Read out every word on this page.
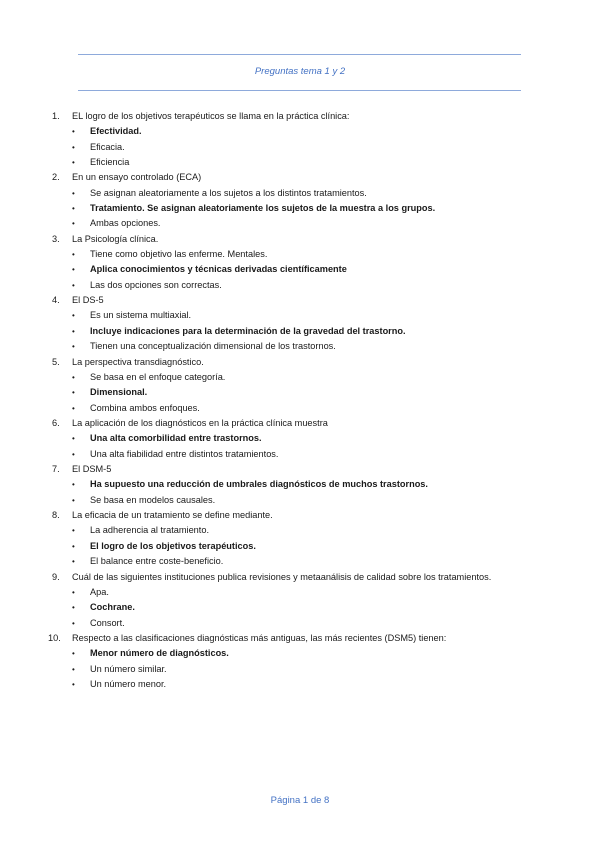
Preguntas tema 1 y 2
1.	EL logro de los objetivos terapéuticos se llama en la práctica clínica:
• Efectividad.
• Eficacia.
• Eficiencia
2.	En un ensayo controlado (ECA)
• Se asignan aleatoriamente a los sujetos a los distintos tratamientos.
• Tratamiento. Se asignan aleatoriamente los sujetos de la muestra a los grupos.
• Ambas opciones.
3.	La Psicología clínica.
• Tiene como objetivo las enferme. Mentales.
• Aplica conocimientos y técnicas derivadas científicamente
• Las dos opciones son correctas.
4.	El DS-5
• Es un sistema multiaxial.
• Incluye indicaciones para la determinación de la gravedad del trastorno.
• Tienen una conceptualización dimensional de los trastornos.
5.	La perspectiva transdiagnóstico.
• Se basa en el enfoque categoría.
• Dimensional.
• Combina ambos enfoques.
6.	La aplicación de los diagnósticos en la práctica clínica muestra
• Una alta comorbilidad entre trastornos.
• Una alta fiabilidad entre distintos tratamientos.
7.	El DSM-5
• Ha supuesto una reducción de umbrales diagnósticos de muchos trastornos.
• Se basa en modelos causales.
8.	La eficacia de un tratamiento se define mediante.
• La adherencia al tratamiento.
• El logro de los objetivos terapéuticos.
• El balance entre coste-beneficio.
9.	Cuál de las siguientes instituciones publica revisiones y metaanálisis de calidad sobre los tratamientos.
• Apa.
• Cochrane.
• Consort.
10.	Respecto a las clasificaciones diagnósticas más antiguas, las más recientes (DSM5) tienen:
• Menor número de diagnósticos.
• Un número similar.
• Un número menor.
Página 1 de 8
